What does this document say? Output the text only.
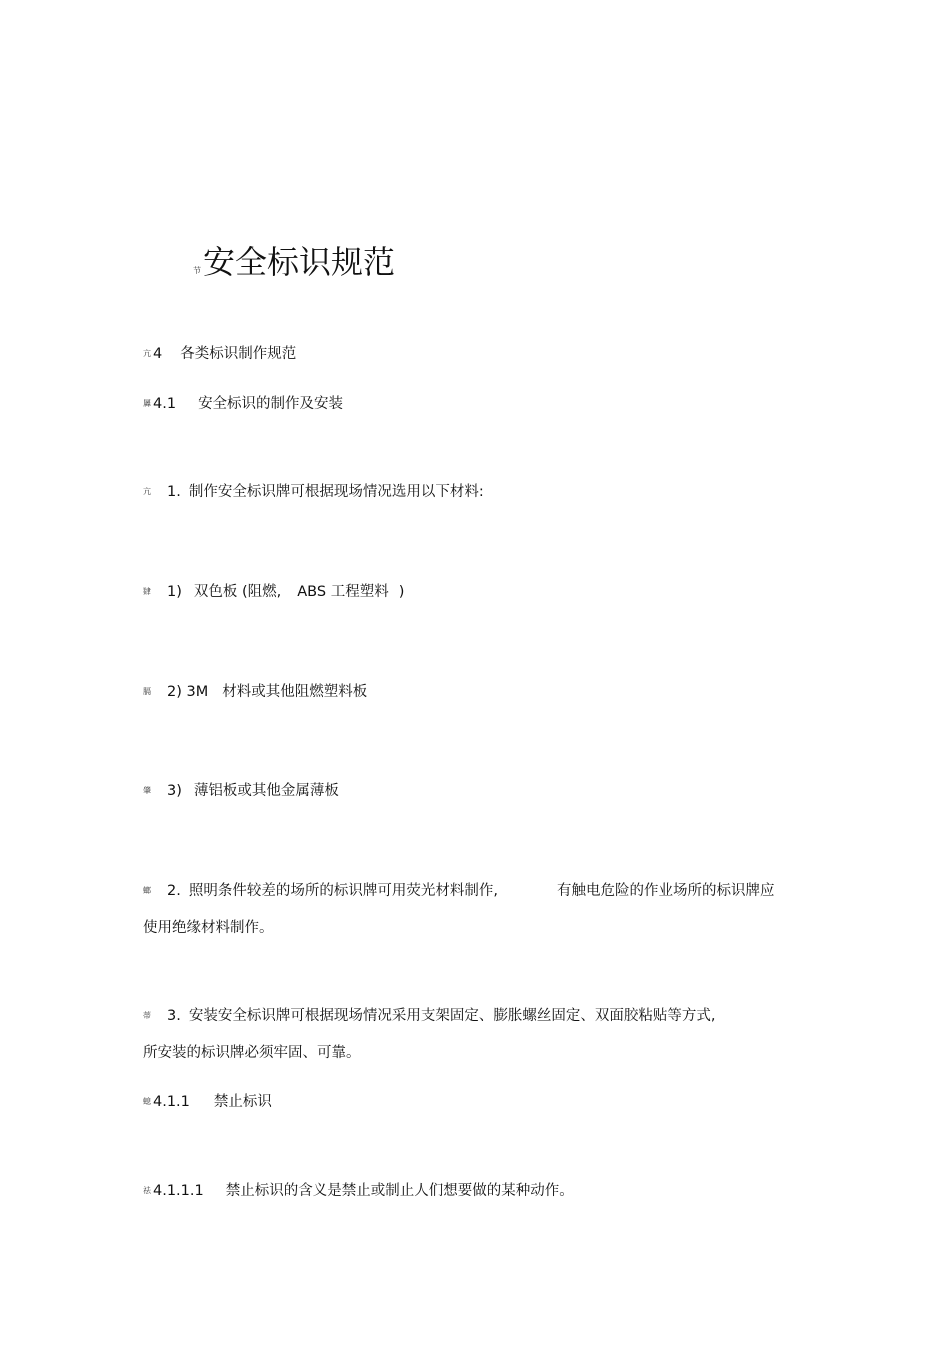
节安全标识规范
亢 4 各类标识制作规范
羼 4.1 安全标识的制作及安装
亢 1. 制作安全标识牌可根据现场情况选用以下材料:
肄 1) 双色板 (阻燃, ABS 工程塑料 )
膈 2) 3M 材料或其他阻燃塑料板
肇 3) 薄铝板或其他金属薄板
螂 2. 照明条件较差的场所的标识牌可用荧光材料制作,	有触电危险的作业场所的标识牌应
使用绝缘材料制作。
蒂 3. 安装安全标识牌可根据现场情况采用支架固定、膨胀螺丝固定、双面胶粘贴等方式,
所安装的标识牌必须牢固、可靠。
螅 4.1.1 禁止标识
祛 4.1.1.1 禁止标识的含义是禁止或制止人们想要做的某种动作。
